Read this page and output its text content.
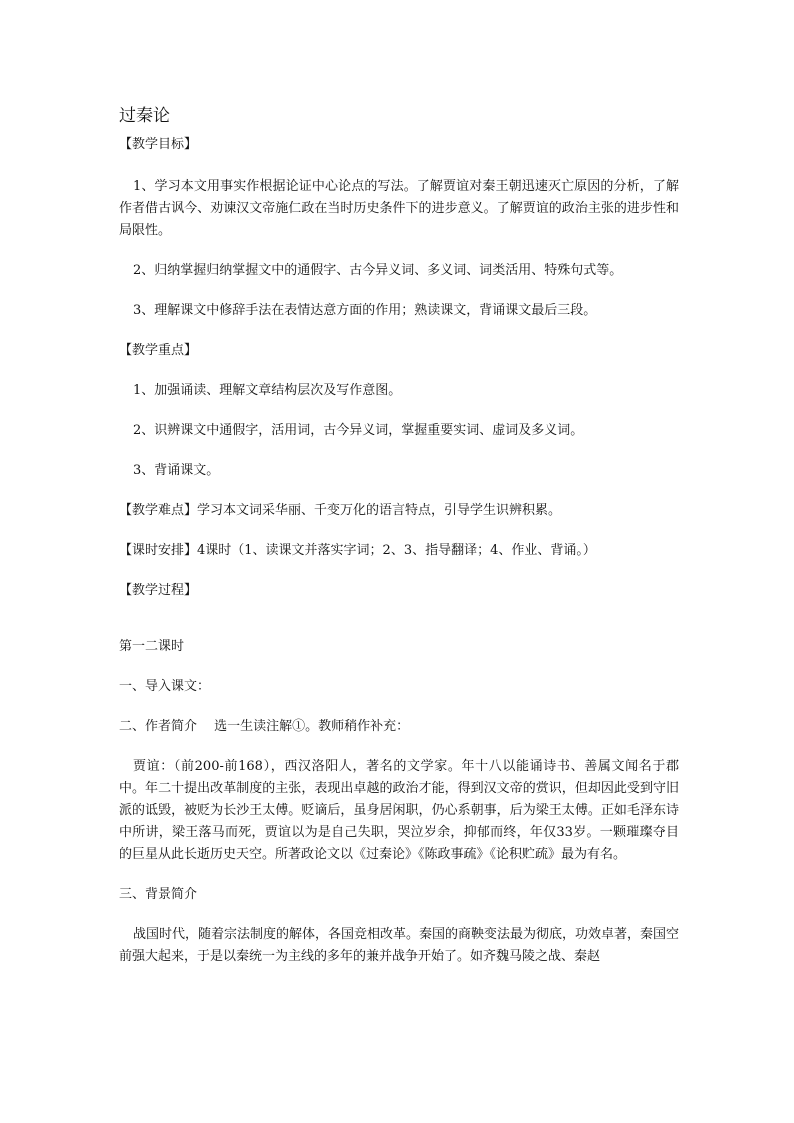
过秦论
【教学目标】
1、学习本文用事实作根据论证中心论点的写法。了解贾谊对秦王朝迅速灭亡原因的分析，了解作者借古讽今、劝谏汉文帝施仁政在当时历史条件下的进步意义。了解贾谊的政治主张的进步性和局限性。
2、归纳掌握归纳掌握文中的通假字、古今异义词、多义词、词类活用、特殊句式等。
3、理解课文中修辞手法在表情达意方面的作用；熟读课文，背诵课文最后三段。
【教学重点】
1、加强诵读、理解文章结构层次及写作意图。
2、识辨课文中通假字，活用词，古今异义词，掌握重要实词、虚词及多义词。
3、背诵课文。
【教学难点】学习本文词采华丽、千变万化的语言特点，引导学生识辨积累。
【课时安排】4课时（1、读课文并落实字词；2、3、指导翻译；4、作业、背诵。）
【教学过程】
第一二课时
一、导入课文：
二、作者简介　 选一生读注解①。教师稍作补充：
贾谊：（前200-前168），西汉洛阳人，著名的文学家。年十八以能诵诗书、善属文闻名于郡中。年二十提出改革制度的主张，表现出卓越的政治才能，得到汉文帝的赏识，但却因此受到守旧派的诋毁，被贬为长沙王太傅。贬谪后，虽身居闲职，仍心系朝事，后为梁王太傅。正如毛泽东诗中所讲，梁王落马而死，贾谊以为是自己失职，哭泣岁余，抑郁而终，年仅33岁。一颗璀璨夺目的巨星从此长逝历史天空。所著政论文以《过秦论》《陈政事疏》《论积贮疏》最为有名。
三、背景简介
战国时代，随着宗法制度的解体，各国竞相改革。秦国的商鞅变法最为彻底，功效卓著，秦国空前强大起来，于是以秦统一为主线的多年的兼并战争开始了。如齐魏马陵之战、秦赵
